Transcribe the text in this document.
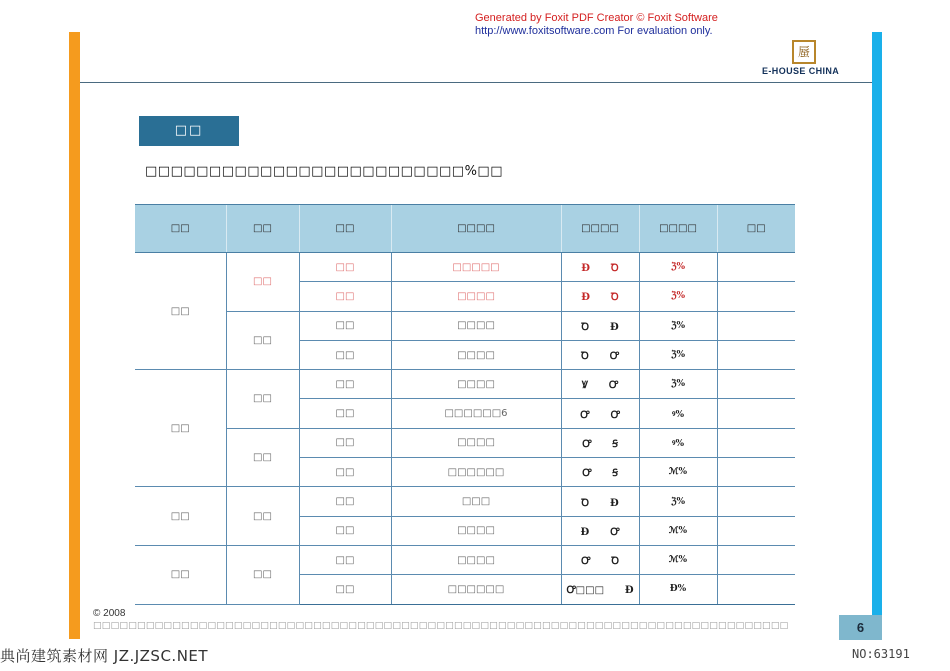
Generated by Foxit PDF Creator © Foxit Software
http://www.foxitsoftware.com For evaluation only.
蜃
E-HOUSE CHINA
□□
□□□□□□□□□□□□□□□□□□□□□□□□□%□□
□□	□□	□□	□□□□	□□□□	□□□□	□□
□□	□□	□□	□□□□□	Ɖ Ꝺ	ℨ%	
		□□	□□□□	Ɖ Ꝺ	ℨ%	
	□□	□□	□□□□	Ꝺ Ɖ	ℨ%	
		□□	□□□□	Ꝺ Ꝍ	ℨ%	
□□	□□	□□	□□□□	Ꝟ Ꝍ	ℨ%	
		□□	□□□□□□6	Ꝍ Ꝍ	ꝰ%	
	□□	□□	□□□□	Ꝍ Ꞩ	ꝰ%	
		□□	□□□□□□	Ꝍ Ꞩ	ℳ%	
□□	□□	□□	□□□	Ꝺ Ɖ	ℨ%	
		□□	□□□□	Ɖ Ꝍ	ℳ%	
□□	□□	□□	□□□□	Ꝍ Ꝺ	ℳ%	
		□□	□□□□□□	Ꝍ□□□ Ɖ	Ɖ%	
© 2008
□□□□□□□□□□□□□□□□□□□□□□□□□□□□□□□□□□□□□□□□□□□□□□□□□□□□□□□□□□□□□□□□□□□□□□□□□□□□□□□	6
典尚建筑素材网 JZ.JZSC.NET	NO:63191
